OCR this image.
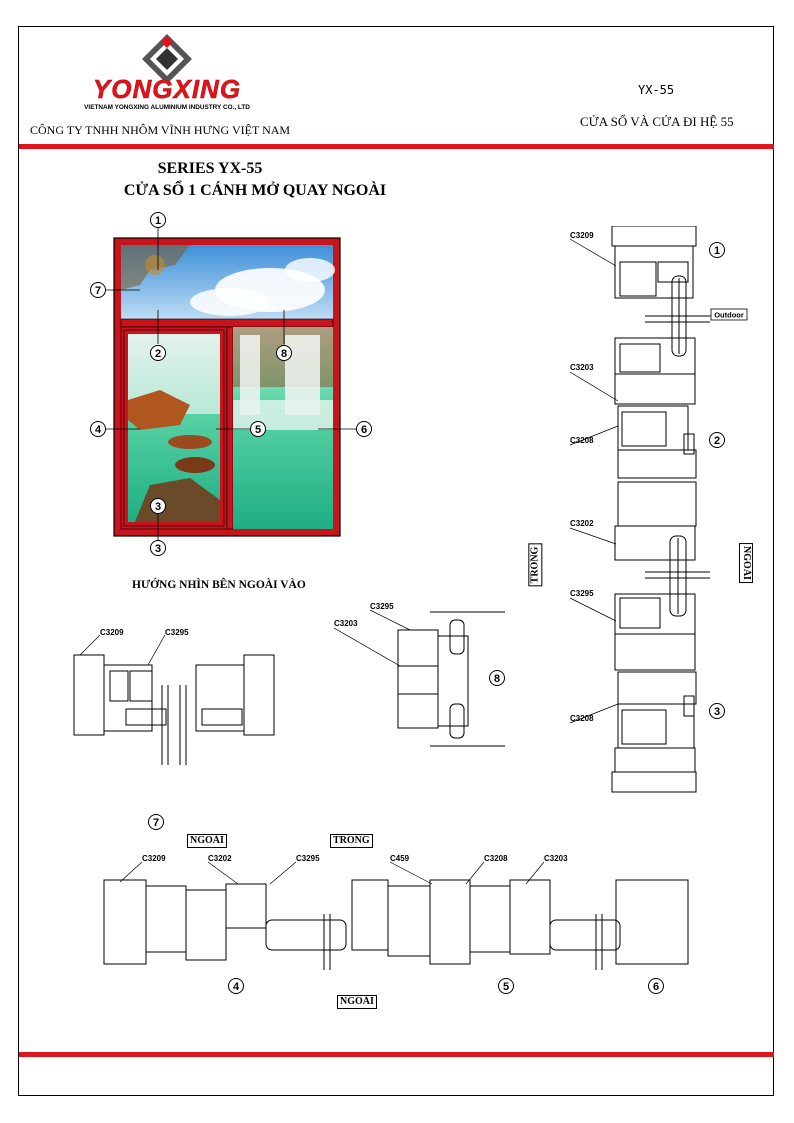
YONGXING
VIETNAM YONGXING ALUMINIUM INDUSTRY CO., LTD
CÔNG TY TNHH NHÔM VĨNH HƯNG VIỆT NAM
YX-55
CỬA SỔ VÀ CỬA ĐI HỆ 55
SERIES YX-55
CỬA SỔ 1 CÁNH MỞ QUAY NGOÀI
1
7
2	8
4	5	6
3
3
HƯỚNG NHÌN BÊN NGOÀI VÀO
C3209
C3203
C3208
C3202
C3295
C3208
Outdoor
1
2
3
TRONG	NGOÀI
C3209	C3295
C3295
C3203
8
7
C3209	C3202	C3295	C459	C3208	C3203
4	5	6
NGOÀI	TRONG
NGOÀI
